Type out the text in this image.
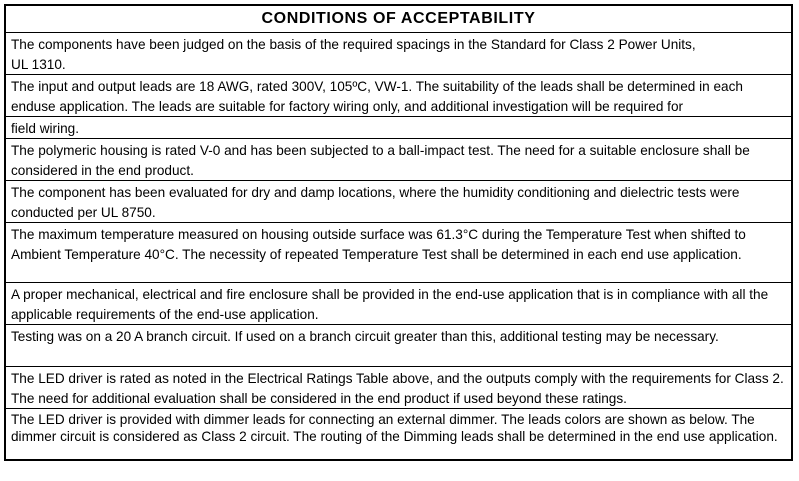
CONDITIONS OF ACCEPTABILITY
The components have been judged on the basis of the required spacings in the Standard for Class 2 Power Units,
UL 1310.
The input and output leads are 18 AWG, rated 300V, 105ºC, VW-1. The suitability of the leads shall be determined in each enduse application. The leads are suitable for factory wiring only, and additional investigation will be required for
field wiring.
The polymeric housing is rated V-0 and has been subjected to a ball-impact test. The need for a suitable enclosure shall be considered in the end product.
The component has been evaluated for dry and damp locations, where the humidity conditioning and dielectric tests were conducted per UL 8750.
The maximum temperature measured on housing outside surface was 61.3°C during the Temperature Test when shifted to Ambient Temperature 40°C. The necessity of repeated Temperature Test shall be determined in each end use application.
A proper mechanical, electrical and fire enclosure shall be provided in the end-use application that is in compliance with all the applicable requirements of the end-use application.
Testing was on a 20 A branch circuit. If used on a branch circuit greater than this, additional testing may be necessary.
The LED driver is rated as noted in the Electrical Ratings Table above, and the outputs comply with the requirements for Class 2. The need for additional evaluation shall be considered in the end product if used beyond these ratings.
The LED driver is provided with dimmer leads for connecting an external dimmer. The leads colors are shown as below. The dimmer circuit is considered as Class 2 circuit. The routing of the Dimming leads shall be determined in the end use application.
